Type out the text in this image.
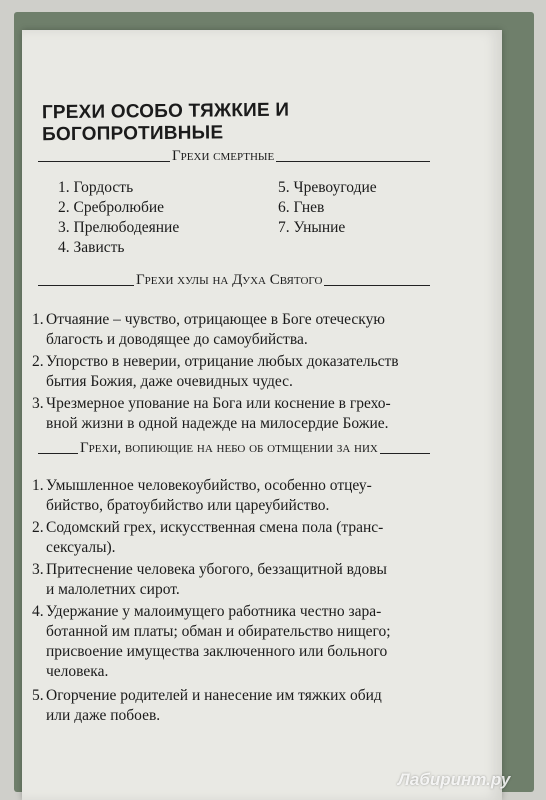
ГРЕХИ ОСОБО ТЯЖКИЕ И БОГОПРОТИВНЫЕ
Грехи смертные
1. Гордость
2. Сребролюбие
3. Прелюбодеяние
4. Зависть
5. Чревоугодие
6. Гнев
7. Уныние
Грехи хулы на Духа Святого
1. Отчаяние – чувство, отрицающее в Боге отеческую
благость и доводящее до самоубийства.
2. Упорство в неверии, отрицание любых доказательств
бытия Божия, даже очевидных чудес.
3. Чрезмерное упование на Бога или коснение в грехо-
вной жизни в одной надежде на милосердие Божие.
Грехи, вопиющие на небо об отмщении за них
1. Умышленное человекоубийство, особенно отцеу-
бийство, братоубийство или цареубийство.
2. Содомский грех, искусственная смена пола (транс-
сексуалы).
3. Притеснение человека убогого, беззащитной вдовы
и малолетних сирот.
4. Удержание у малоимущего работника честно зара-
ботанной им платы; обман и обирательство нищего;
присвоение имущества заключенного или больного
человека.
5. Огорчение родителей и нанесение им тяжких обид
или даже побоев.
Лабиринт.ру
